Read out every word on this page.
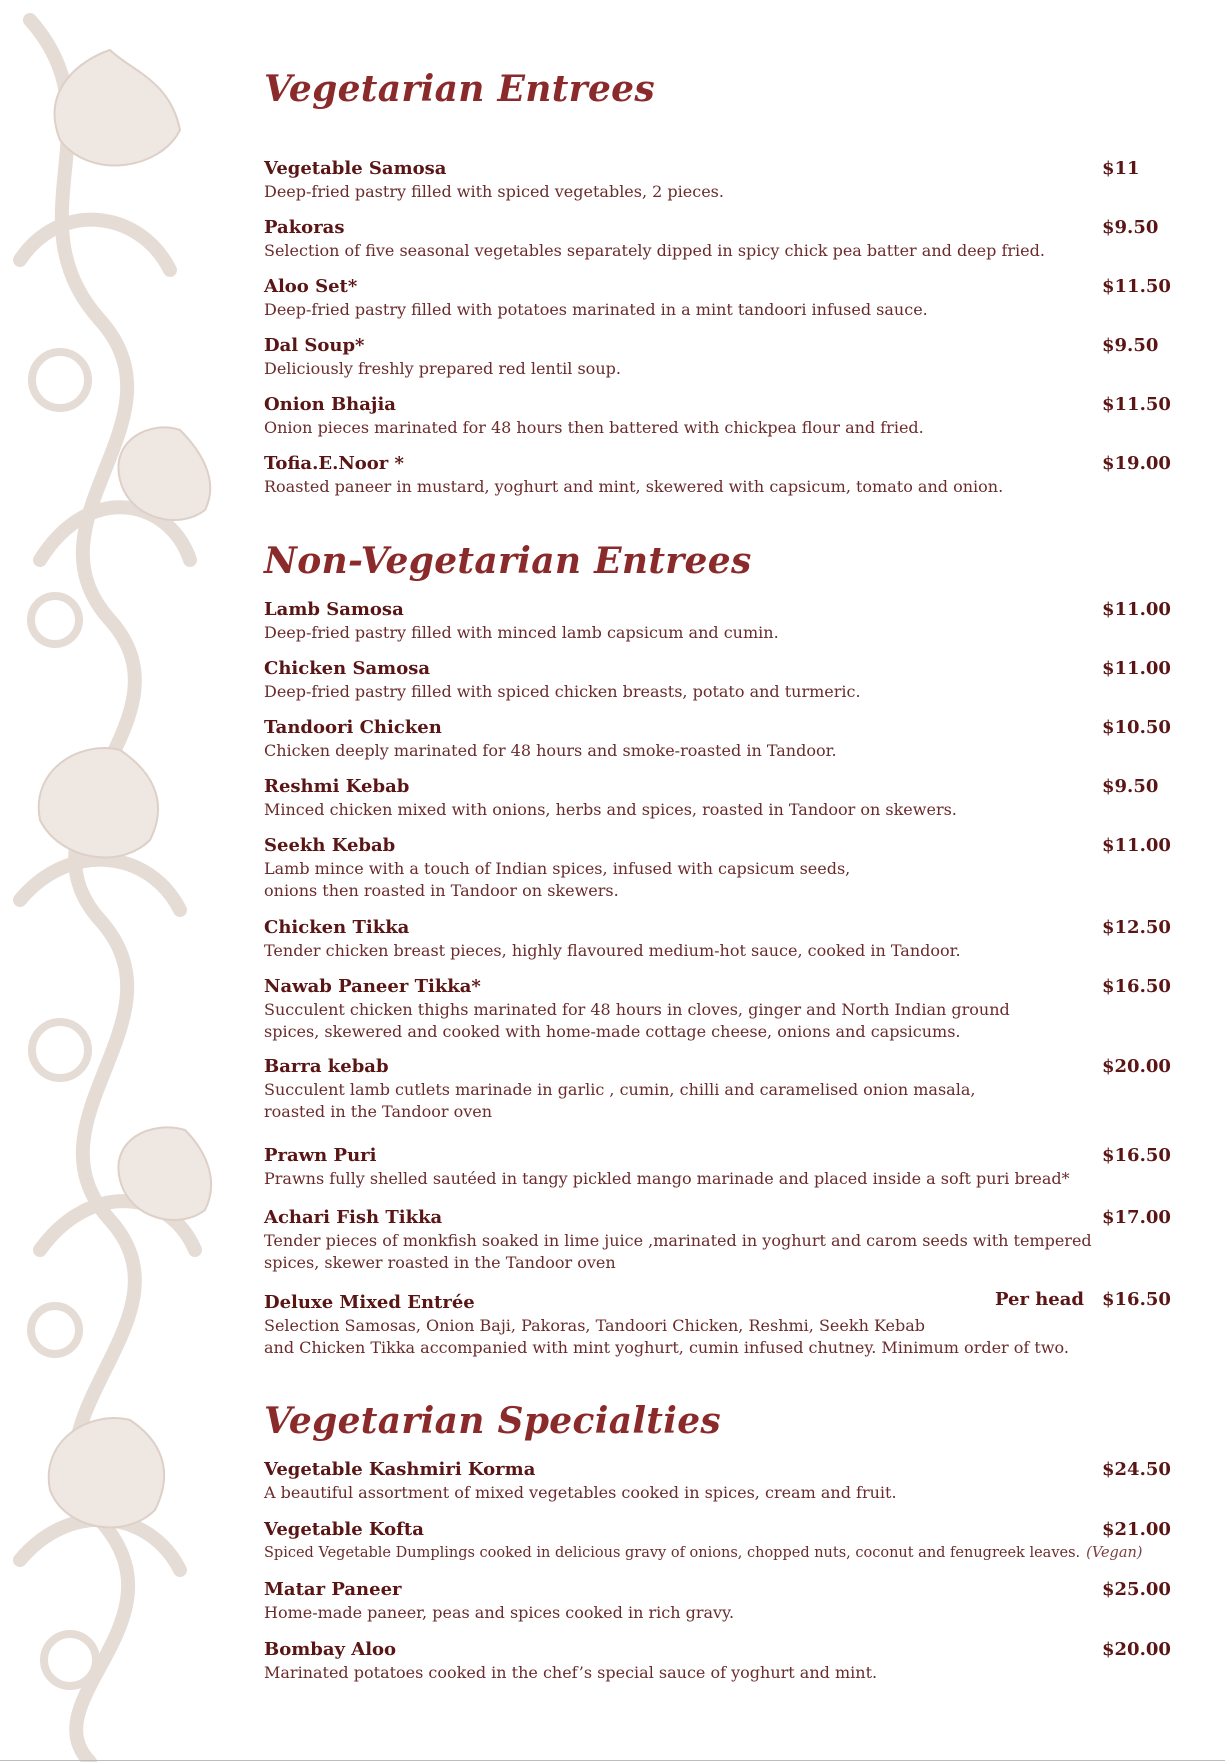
Vegetarian Entrees
Vegetable Samosa	$11
Deep-fried pastry filled with spiced vegetables, 2 pieces.
Pakoras	$9.50
Selection of five seasonal vegetables separately dipped in spicy chick pea batter and deep fried.
Aloo Set*	$11.50
Deep-fried pastry filled with potatoes marinated in a mint tandoori infused sauce.
Dal Soup*	$9.50
Deliciously freshly prepared red lentil soup.
Onion Bhajia	$11.50
Onion pieces marinated for 48 hours then battered with chickpea flour and fried.
Tofia.E.Noor *	$19.00
Roasted paneer in mustard, yoghurt and mint, skewered with capsicum, tomato and onion.
Non-Vegetarian Entrees
Lamb Samosa	$11.00
Deep-fried pastry filled with minced lamb capsicum and cumin.
Chicken Samosa	$11.00
Deep-fried pastry filled with spiced chicken breasts, potato and turmeric.
Tandoori Chicken	$10.50
Chicken deeply marinated for 48 hours and smoke-roasted in Tandoor.
Reshmi Kebab	$9.50
Minced chicken mixed with onions, herbs and spices, roasted in Tandoor on skewers.
Seekh Kebab	$11.00
Lamb mince with a touch of Indian spices, infused with capsicum seeds,
onions then roasted in Tandoor on skewers.
Chicken Tikka	$12.50
Tender chicken breast pieces, highly flavoured medium-hot sauce, cooked in Tandoor.
Nawab Paneer Tikka*	$16.50
Succulent chicken thighs marinated for 48 hours in cloves, ginger and North Indian ground
spices, skewered and cooked with home-made cottage cheese, onions and capsicums.
Barra kebab	$20.00
Succulent lamb cutlets marinade in garlic , cumin, chilli and caramelised onion masala,
roasted in the Tandoor oven
Prawn Puri	$16.50
Prawns fully shelled sautéed in tangy pickled mango marinade and placed inside a soft puri bread*
Achari Fish Tikka	$17.00
Tender pieces of monkfish soaked in lime juice ,marinated in yoghurt and carom seeds with tempered
spices, skewer roasted in the Tandoor oven
Deluxe Mixed Entrée	Per head $16.50
Selection Samosas, Onion Baji, Pakoras, Tandoori Chicken, Reshmi, Seekh Kebab
and Chicken Tikka accompanied with mint yoghurt, cumin infused chutney. Minimum order of two.
Vegetarian Specialties
Vegetable Kashmiri Korma	$24.50
A beautiful assortment of mixed vegetables cooked in spices, cream and fruit.
Vegetable Kofta	$21.00
Spiced Vegetable Dumplings cooked in delicious gravy of onions, chopped nuts, coconut and fenugreek leaves. (Vegan)
Matar Paneer	$25.00
Home-made paneer, peas and spices cooked in rich gravy.
Bombay Aloo	$20.00
Marinated potatoes cooked in the chef’s special sauce of yoghurt and mint.
